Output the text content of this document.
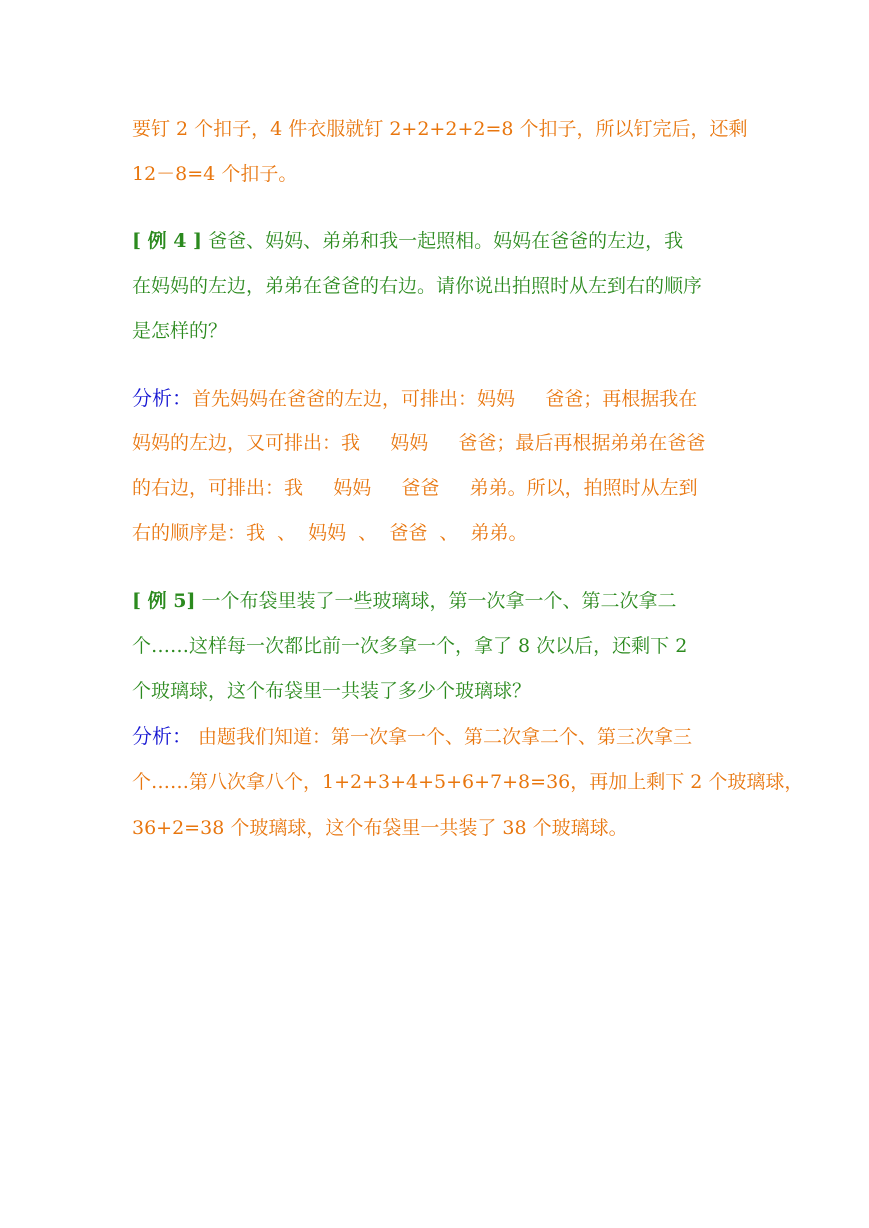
要钉 2 个扣子，4 件衣服就钉 2+2+2+2=8 个扣子，所以钉完后，还剩
12－8=4 个扣子。
[ 例 4 ] 爸爸、妈妈、弟弟和我一起照相。妈妈在爸爸的左边，我
在妈妈的左边，弟弟在爸爸的右边。请你说出拍照时从左到右的顺序
是怎样的？
分析：首先妈妈在爸爸的左边，可排出：妈妈     爸爸；再根据我在
妈妈的左边，又可排出：我     妈妈     爸爸；最后再根据弟弟在爸爸
的右边，可排出：我     妈妈     爸爸     弟弟。所以，拍照时从左到
右的顺序是：我  、  妈妈  、  爸爸  、  弟弟。
[ 例 5] 一个布袋里装了一些玻璃球，第一次拿一个、第二次拿二
个……这样每一次都比前一次多拿一个，拿了 8 次以后，还剩下 2
个玻璃球，这个布袋里一共装了多少个玻璃球？
分析： 由题我们知道：第一次拿一个、第二次拿二个、第三次拿三
个……第八次拿八个，1+2+3+4+5+6+7+8=36，再加上剩下 2 个玻璃球，
36+2=38 个玻璃球，这个布袋里一共装了 38 个玻璃球。
